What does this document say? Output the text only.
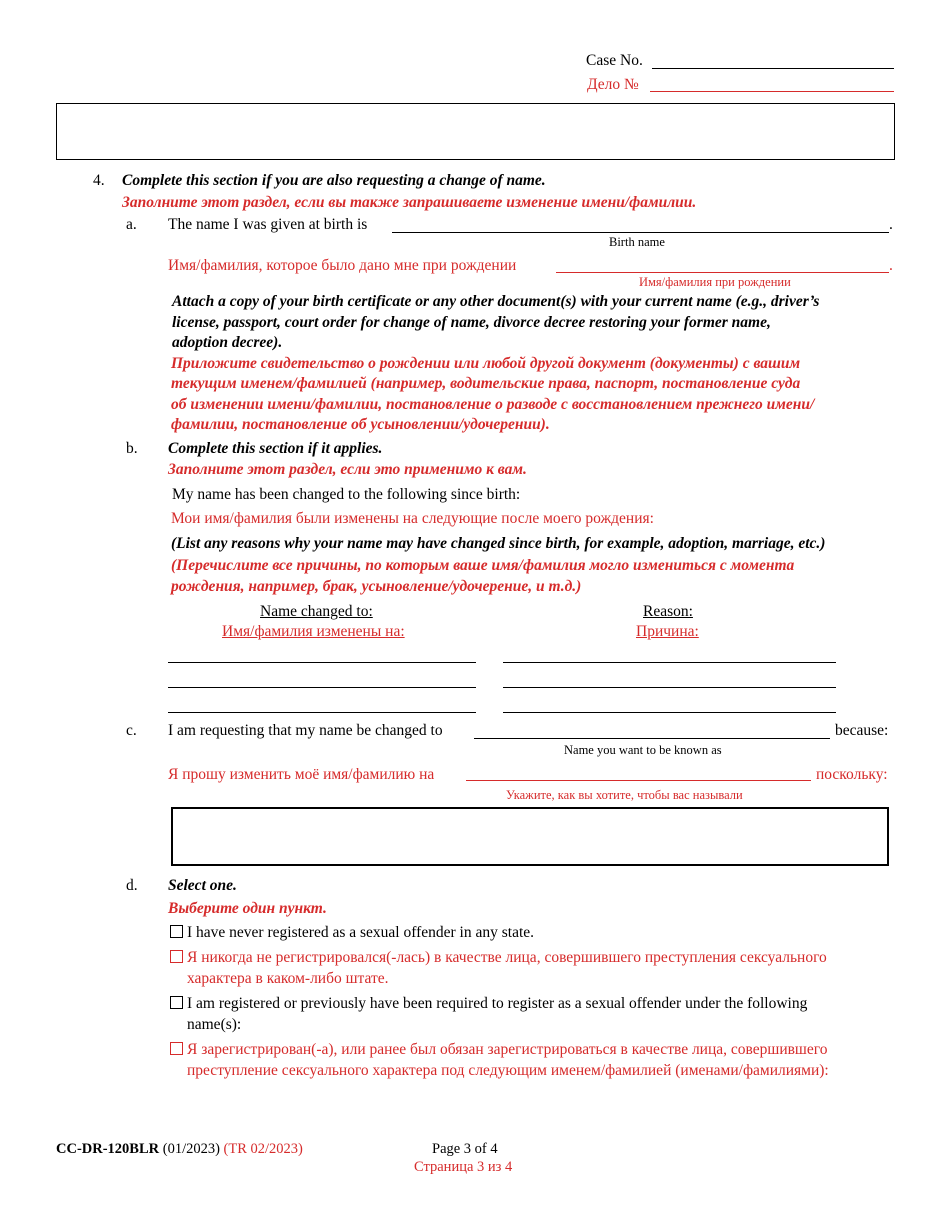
Case No.
Дело №
4. Complete this section if you are also requesting a change of name.
Заполните этот раздел, если вы также запрашиваете изменение имени/фамилии.
a. The name I was given at birth is	.
Birth name
Имя/фамилия, которое было дано мне при рождении	.
Имя/фамилия при рождении
Attach a copy of your birth certificate or any other document(s) with your current name (e.g., driver’s
license, passport, court order for change of name, divorce decree restoring your former name,
adoption decree).
Приложите свидетельство о рождении или любой другой документ (документы) с вашим
текущим именем/фамилией (например, водительские права, паспорт, постановление суда
об изменении имени/фамилии, постановление о разводе с восстановлением прежнего имени/
фамилии, постановление об усыновлении/удочерении).
b. Complete this section if it applies.
Заполните этот раздел, если это применимо к вам.
My name has been changed to the following since birth:
Мои имя/фамилия были изменены на следующие после моего рождения:
(List any reasons why your name may have changed since birth, for example, adoption, marriage, etc.)
(Перечислите все причины, по которым ваше имя/фамилия могло измениться с момента
рождения, например, брак, усыновление/удочерение, и т.д.)
Name changed to:
Имя/фамилия изменены на:
Reason:
Причина:
c. I am requesting that my name be changed to	because:
Name you want to be known as
Я прошу изменить моё имя/фамилию на	поскольку:
Укажите, как вы хотите, чтобы вас называли
d. Select one.
Выберите один пункт.
I have never registered as a sexual offender in any state.
Я никогда не регистрировался(-лась) в качестве лица, совершившего преступления сексуального
характера в каком-либо штате.
I am registered or previously have been required to register as a sexual offender under the following
name(s):
Я зарегистрирован(-а), или ранее был обязан зарегистрироваться в качестве лица, совершившего
преступление сексуального характера под следующим именем/фамилией (именами/фамилиями):
CC-DR-120BLR (01/2023) (TR 02/2023)	Page 3 of 4
Страница 3 из 4
